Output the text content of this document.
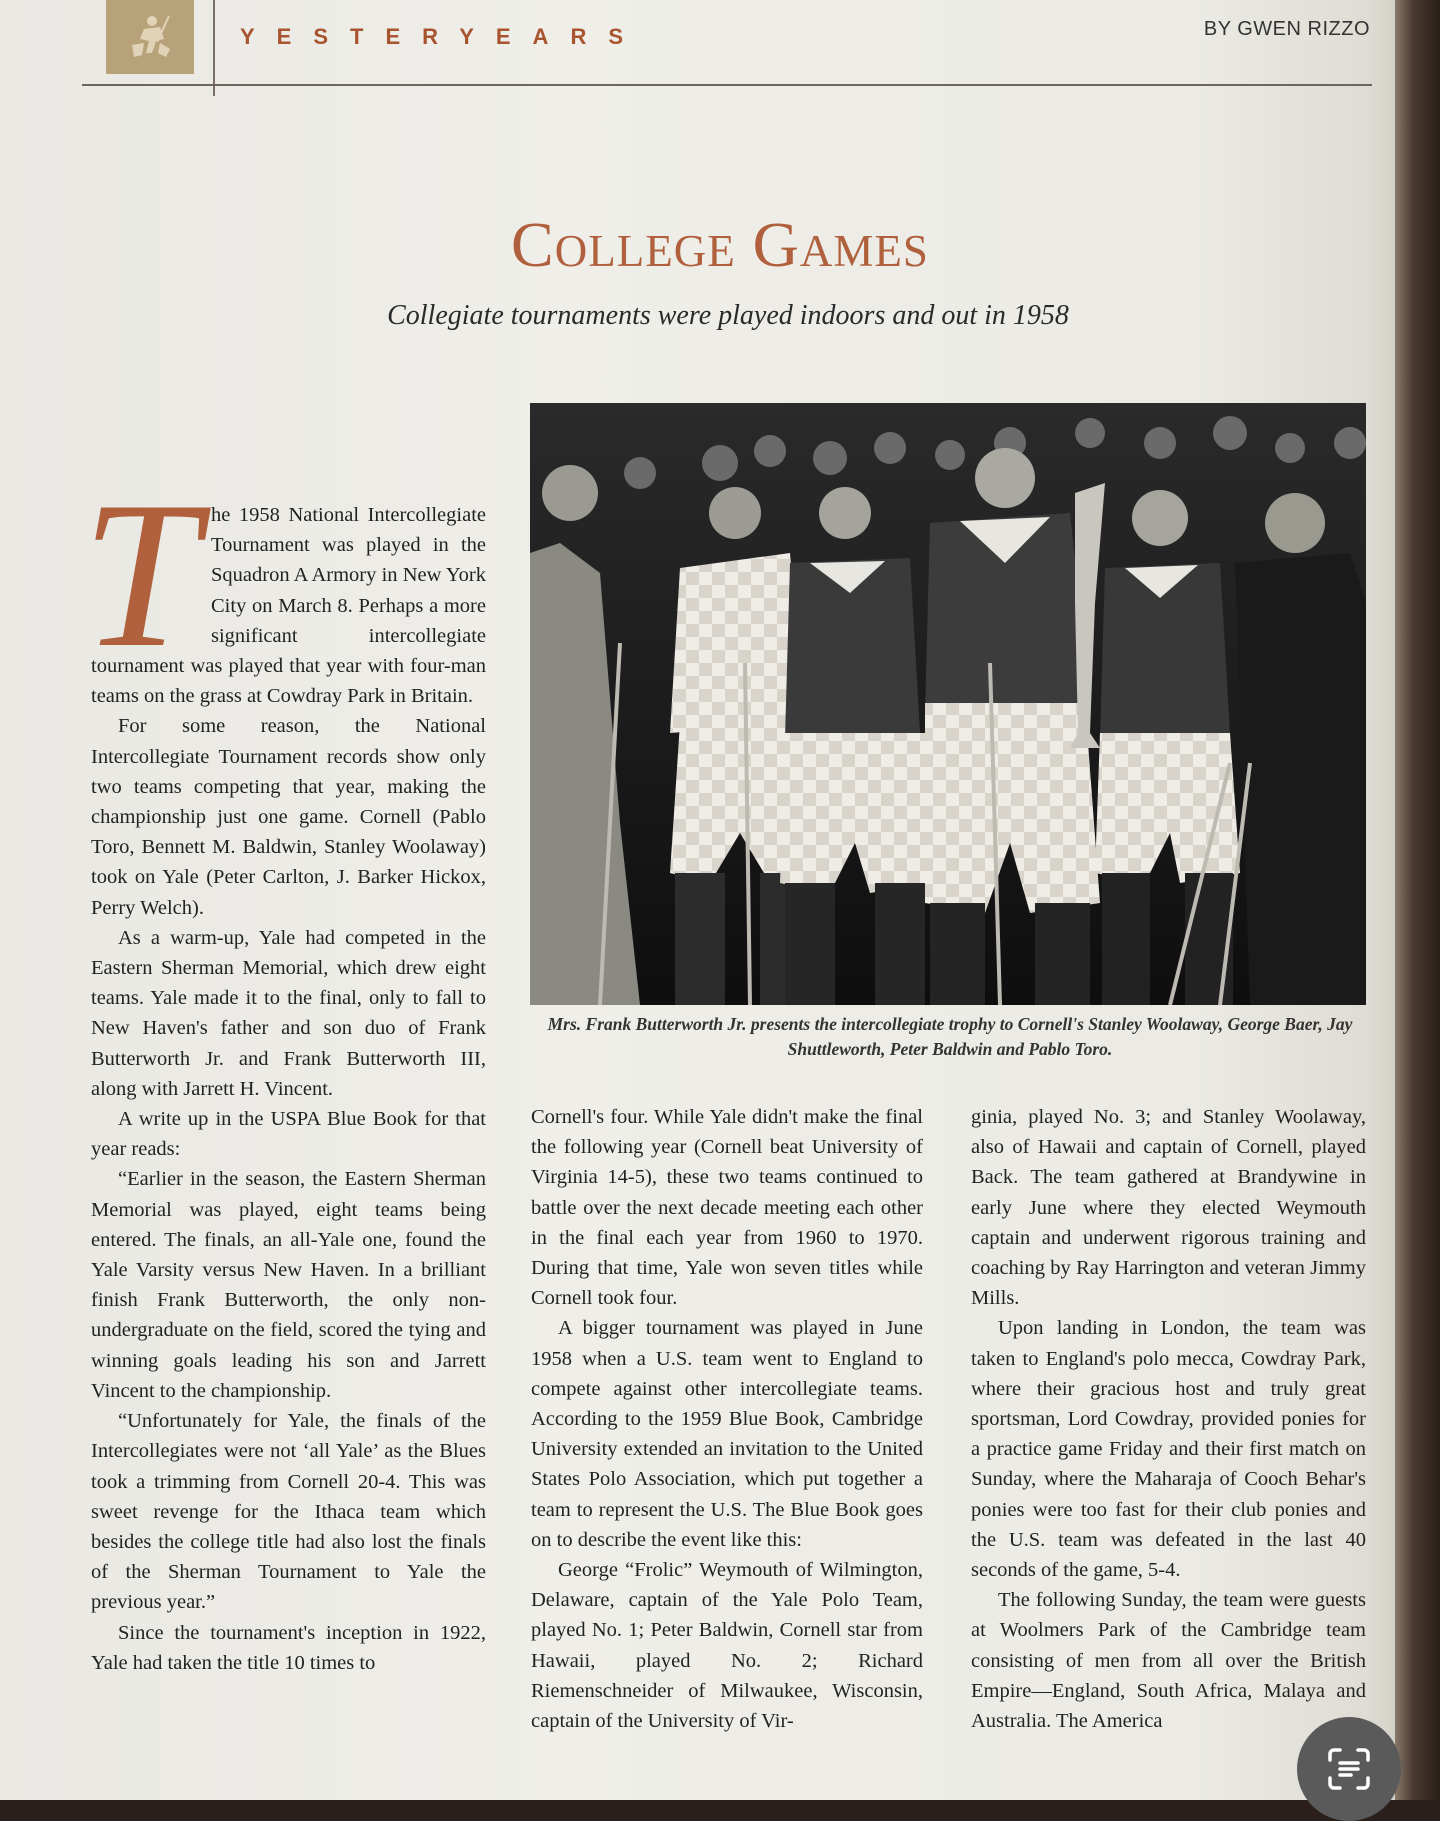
YESTERYEARS	BY GWEN RIZZO
College Games
Collegiate tournaments were played indoors and out in 1958
Mrs. Frank Butterworth Jr. presents the intercollegiate trophy to Cornell's Stanley Woolaway, George Baer, Jay Shuttleworth, Peter Baldwin and Pablo Toro.

The 1958 National Intercollegiate Tournament was played in the Squadron A Armory in New York City on March 8. Perhaps a more significant intercollegiate tournament was played that year with four-man teams on the grass at Cowdray Park in Britain.

For some reason, the National Intercollegiate Tournament records show only two teams competing that year, making the championship just one game. Cornell (Pablo Toro, Bennett M. Baldwin, Stanley Woolaway) took on Yale (Peter Carlton, J. Barker Hickox, Perry Welch).

As a warm-up, Yale had competed in the Eastern Sherman Memorial, which drew eight teams. Yale made it to the final, only to fall to New Haven's father and son duo of Frank Butterworth Jr. and Frank Butterworth III, along with Jarrett H. Vincent.

A write up in the USPA Blue Book for that year reads:

“Earlier in the season, the Eastern Sherman Memorial was played, eight teams being entered. The finals, an all-Yale one, found the Yale Varsity versus New Haven. In a brilliant finish Frank Butterworth, the only non-undergraduate on the field, scored the tying and winning goals leading his son and Jarrett Vincent to the championship.

“Unfortunately for Yale, the finals of the Intercollegiates were not ‘all Yale’ as the Blues took a trimming from Cornell 20-4. This was sweet revenge for the Ithaca team which besides the college title had also lost the finals of the Sherman Tournament to Yale the previous year.”

Since the tournament's inception in 1922, Yale had taken the title 10 times to

Cornell's four. While Yale didn't make the final the following year (Cornell beat University of Virginia 14-5), these two teams continued to battle over the next decade meeting each other in the final each year from 1960 to 1970. During that time, Yale won seven titles while Cornell took four.

A bigger tournament was played in June 1958 when a U.S. team went to England to compete against other intercollegiate teams. According to the 1959 Blue Book, Cambridge University extended an invitation to the United States Polo Association, which put together a team to represent the U.S. The Blue Book goes on to describe the event like this:

George “Frolic” Weymouth of Wilmington, Delaware, captain of the Yale Polo Team, played No. 1; Peter Baldwin, Cornell star from Hawaii, played No. 2; Richard Riemenschneider of Milwaukee, Wisconsin, captain of the University of Vir-

ginia, played No. 3; and Stanley Woolaway, also of Hawaii and captain of Cornell, played Back. The team gathered at Brandywine in early June where they elected Weymouth captain and underwent rigorous training and coaching by Ray Harrington and veteran Jimmy Mills.

Upon landing in London, the team was taken to England's polo mecca, Cowdray Park, where their gracious host and truly great sportsman, Lord Cowdray, provided ponies for a practice game Friday and their first match on Sunday, where the Maharaja of Cooch Behar's ponies were too fast for their club ponies and the U.S. team was defeated in the last 40 seconds of the game, 5-4.

The following Sunday, the team were guests at Woolmers Park of the Cambridge team consisting of men from all over the British Empire—England, South Africa, Malaya and Australia. The America
